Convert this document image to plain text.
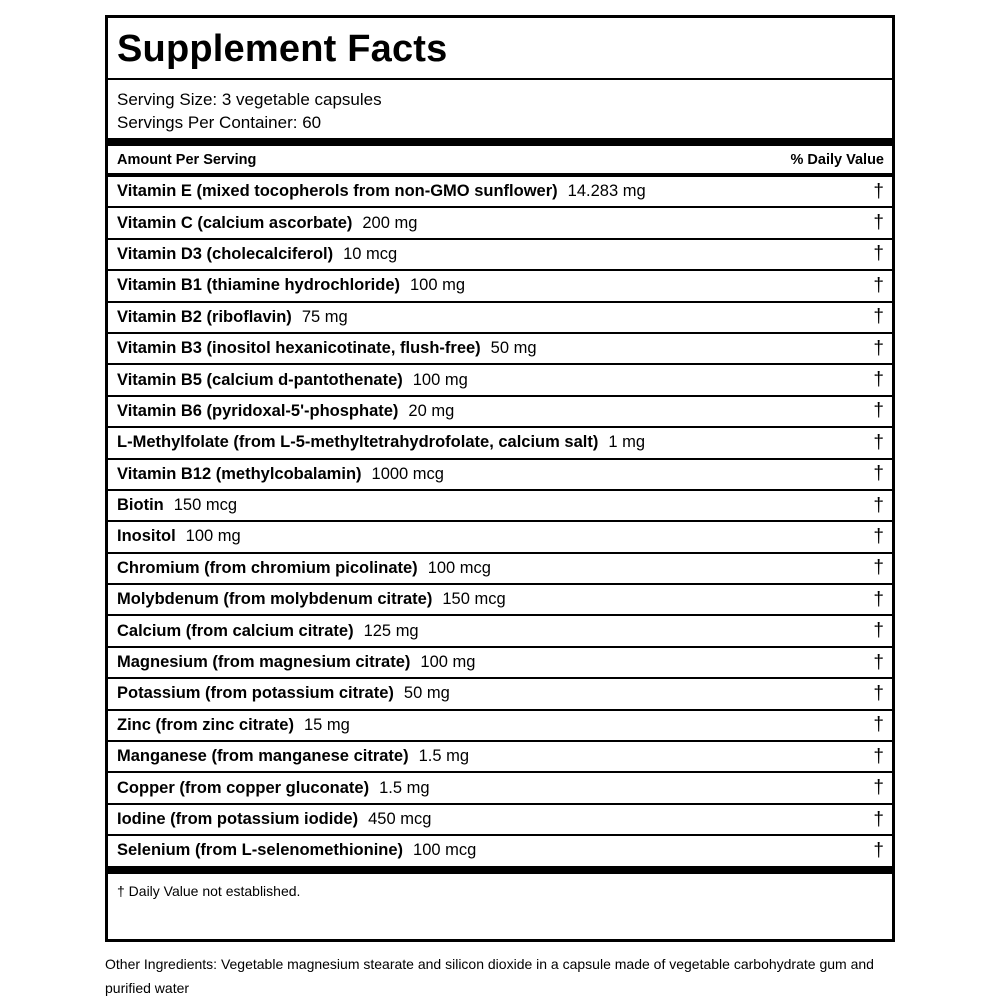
Supplement Facts
Serving Size: 3 vegetable capsules
Servings Per Container: 60
Amount Per Serving	% Daily Value
Vitamin E (mixed tocopherols from non-GMO sunflower) 14.283 mg	†
Vitamin C (calcium ascorbate) 200 mg	†
Vitamin D3 (cholecalciferol) 10 mcg	†
Vitamin B1 (thiamine hydrochloride) 100 mg	†
Vitamin B2 (riboflavin) 75 mg	†
Vitamin B3 (inositol hexanicotinate, flush-free) 50 mg	†
Vitamin B5 (calcium d-pantothenate) 100 mg	†
Vitamin B6 (pyridoxal-5'-phosphate) 20 mg	†
L-Methylfolate (from L-5-methyltetrahydrofolate, calcium salt) 1 mg	†
Vitamin B12 (methylcobalamin) 1000 mcg	†
Biotin 150 mcg	†
Inositol 100 mg	†
Chromium (from chromium picolinate) 100 mcg	†
Molybdenum (from molybdenum citrate) 150 mcg	†
Calcium (from calcium citrate) 125 mg	†
Magnesium (from magnesium citrate) 100 mg	†
Potassium (from potassium citrate) 50 mg	†
Zinc (from zinc citrate) 15 mg	†
Manganese (from manganese citrate) 1.5 mg	†
Copper (from copper gluconate) 1.5 mg	†
Iodine (from potassium iodide) 450 mcg	†
Selenium (from L-selenomethionine) 100 mcg	†
† Daily Value not established.
Other Ingredients: Vegetable magnesium stearate and silicon dioxide in a capsule made of vegetable carbohydrate gum and purified water
